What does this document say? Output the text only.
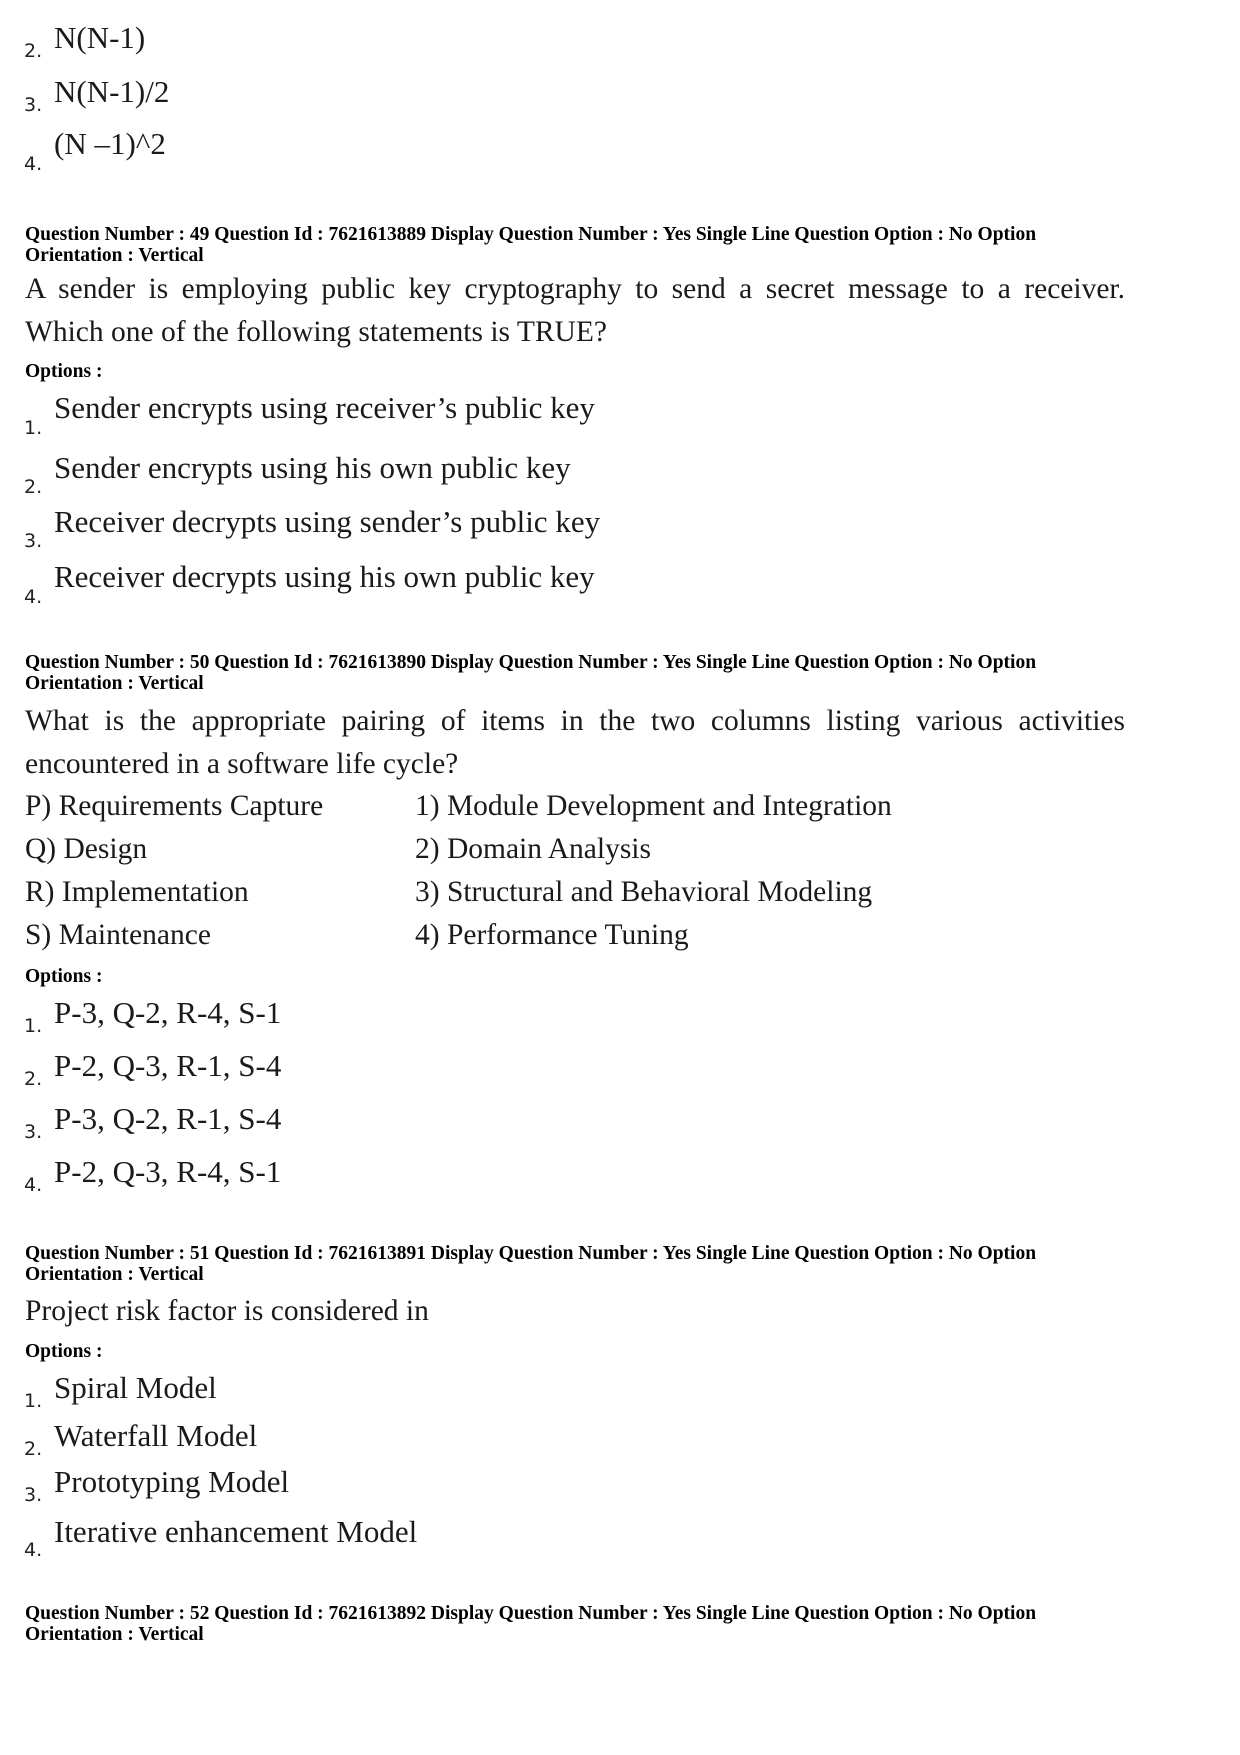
2. N(N-1)
3. N(N-1)/2
4.
(N –1)^2
Question Number : 49 Question Id : 7621613889 Display Question Number : Yes Single Line Question Option : No Option
Orientation : Vertical
A sender is employing public key cryptography to send a secret message to a receiver. Which one of the following statements is TRUE?
Options :
1.
Sender encrypts using receiver’s public key
2.
Sender encrypts using his own public key
3.
Receiver decrypts using sender’s public key
4.
Receiver decrypts using his own public key
Question Number : 50 Question Id : 7621613890 Display Question Number : Yes Single Line Question Option : No Option
Orientation : Vertical
What is the appropriate pairing of items in the two columns listing various activities encountered in a software life cycle?
P) Requirements Capture
Q) Design
R) Implementation
S) Maintenance
1) Module Development and Integration
2) Domain Analysis
3) Structural and Behavioral Modeling
4) Performance Tuning
Options :
1. P-3, Q-2, R-4, S-1
2. P-2, Q-3, R-1, S-4
3. P-3, Q-2, R-1, S-4
4. P-2, Q-3, R-4, S-1
Question Number : 51 Question Id : 7621613891 Display Question Number : Yes Single Line Question Option : No Option
Orientation : Vertical
Project risk factor is considered in
Options :
1. Spiral Model
2. Waterfall Model
3. Prototyping Model
4.
Iterative enhancement Model
Question Number : 52 Question Id : 7621613892 Display Question Number : Yes Single Line Question Option : No Option
Orientation : Vertical
